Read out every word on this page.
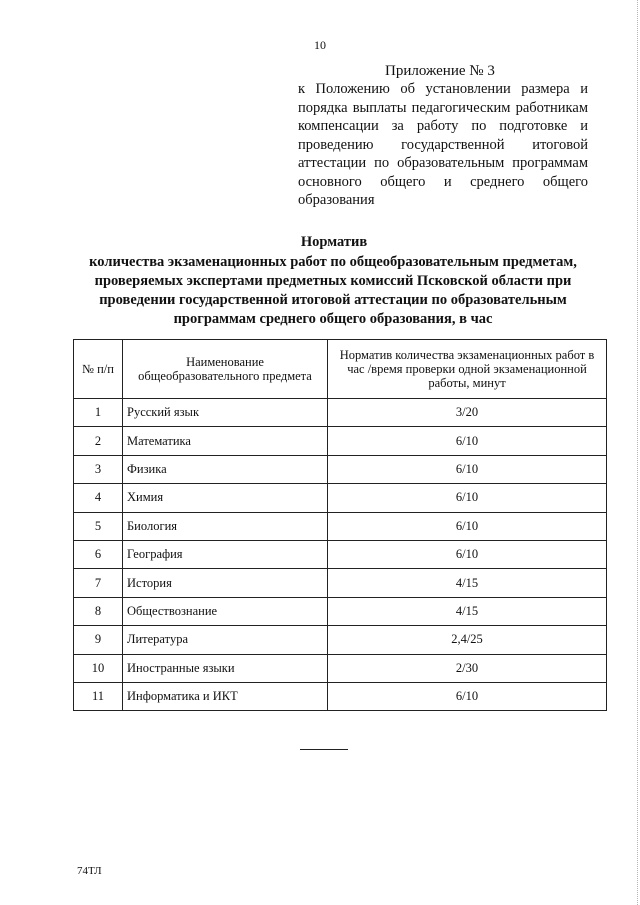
10
Приложение № 3
к Положению об установлении размера и порядка выплаты педагогическим работникам компенсации за работу по подготовке и проведению государственной итоговой аттестации по образовательным программам основного общего и среднего общего образования
Норматив
количества экзаменационных работ по общеобразовательным предметам, проверяемых экспертами предметных комиссий Псковской области при проведении государственной итоговой аттестации по образовательным программам среднего общего образования, в час
№ п/п	Наименование общеобразовательного предмета	Норматив количества экзаменационных работ в час /время проверки одной экзаменационной работы, минут
1	Русский язык	3/20
2	Математика	6/10
3	Физика	6/10
4	Химия	6/10
5	Биология	6/10
6	География	6/10
7	История	4/15
8	Обществознание	4/15
9	Литература	2,4/25
10	Иностранные языки	2/30
11	Информатика и ИКТ	6/10
74ТЛ
